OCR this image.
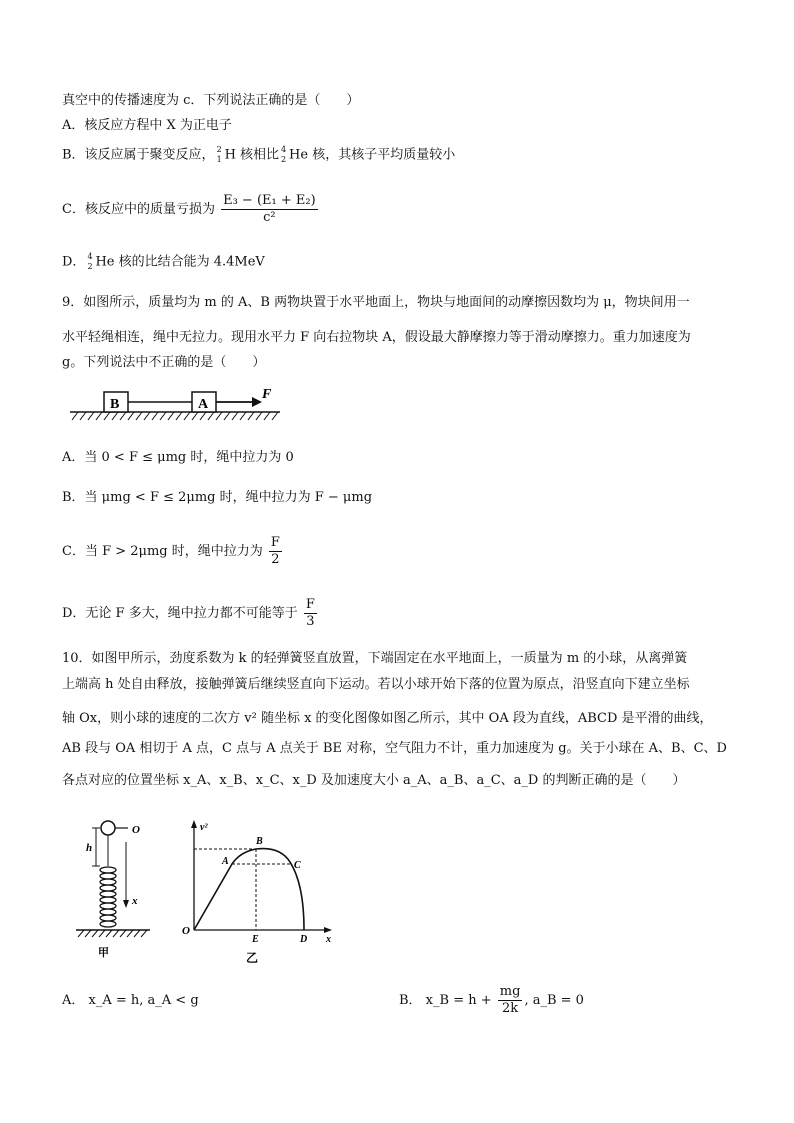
真空中的传播速度为 c．下列说法正确的是（　　）
A．核反应方程中 X 为正电子
B．该反应属于聚变反应， 2
1 H 核相比 4
2 He 核，其核子平均质量较小
C．核反应中的质量亏损为 $\frac{\text{E₃ − (E₁ + E₂)}}{\text{c²}}$
D． 4
2 He 核的比结合能为 4.4MeV
9．如图所示，质量均为 m 的 A、B 两物块置于水平地面上，物块与地面间的动摩擦因数均为 μ，物块间用一
水平轻绳相连，绳中无拉力。现用水平力 F 向右拉物块 A，假设最大静摩擦力等于滑动摩擦力。重力加速度为
g。下列说法中不正确的是（　　）
B	A
F
A．当 0 < F ≤ μmg 时，绳中拉力为 0
B．当 μmg < F ≤ 2μmg 时，绳中拉力为 F − μmg
C．当 F > 2μmg 时，绳中拉力为 $\frac{F}{2}$
D．无论 F 多大，绳中拉力都不可能等于 $\frac{F}{3}$
10．如图甲所示，劲度系数为 k 的轻弹簧竖直放置，下端固定在水平地面上，一质量为 m 的小球，从离弹簧
上端高 h 处自由释放，接触弹簧后继续竖直向下运动。若以小球开始下落的位置为原点，沿竖直向下建立坐标
轴 Ox，则小球的速度的二次方 v² 随坐标 x 的变化图像如图乙所示，其中 OA 段为直线，ABCD 是平滑的曲线，
AB 段与 OA 相切于 A 点，C 点与 A 点关于 BE 对称，空气阻力不计，重力加速度为 g。关于小球在 A、B、C、D
各点对应的位置坐标 x_A、x_B、x_C、x_D 及加速度大小 a_A、a_B、a_C、a_D 的判断正确的是（　　）
O
h
x
甲
v²
x
O
A
B
C
D
E
乙
A． x_A = h, a_A < g	B． x_B = $h + \frac{mg}{2k}$ , a_B = 0
